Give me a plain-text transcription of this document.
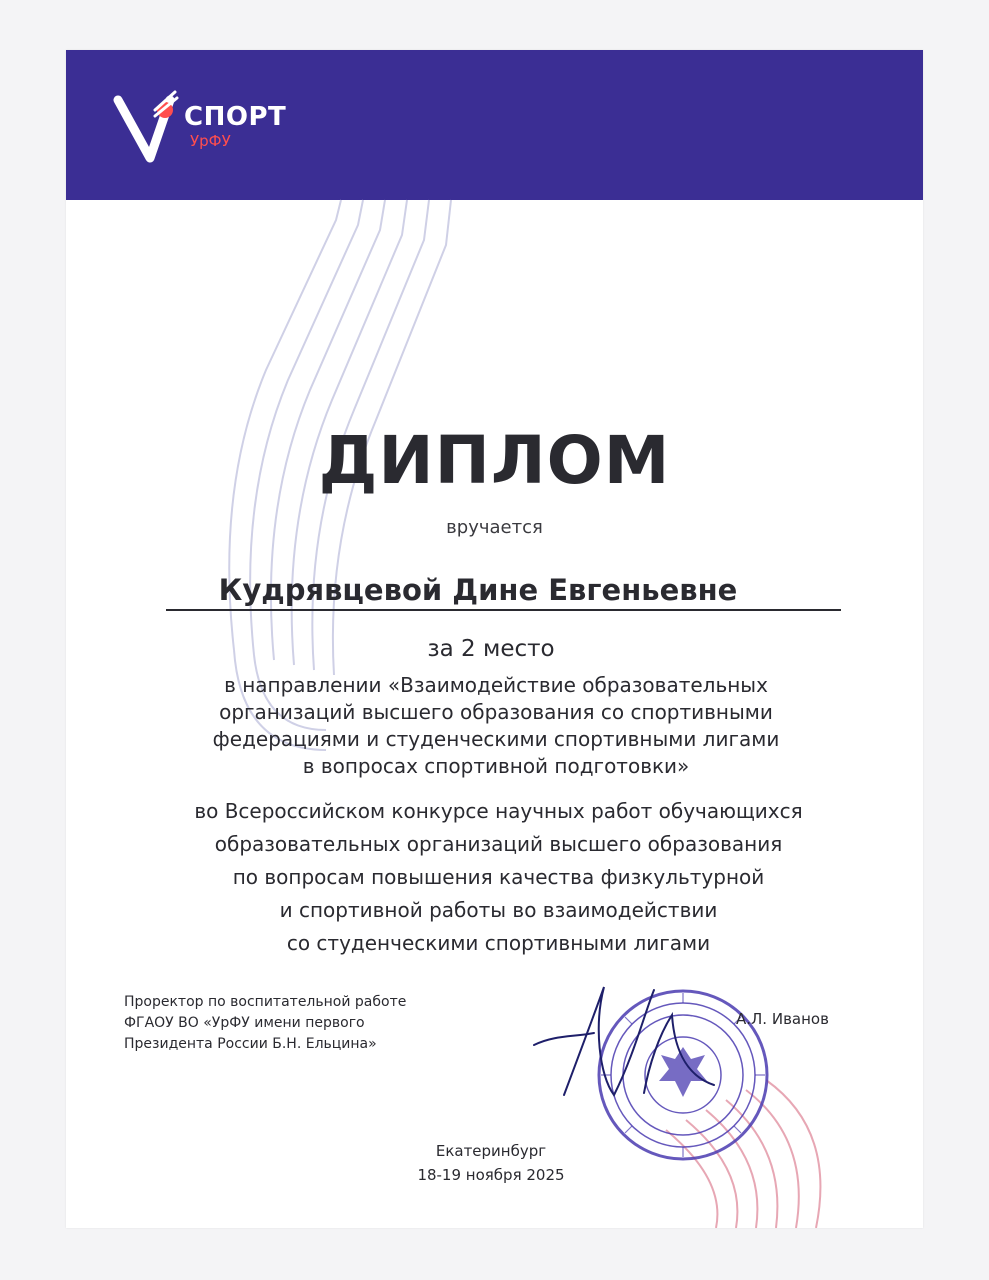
СПОРТ
УрФУ
ДИПЛОМ
вручается
Кудрявцевой Дине Евгеньевне
за 2 место
в направлении «Взаимодействие образовательных
организаций высшего образования со спортивными
федерациями и студенческими спортивными лигами
в вопросах спортивной подготовки»
во Всероссийском конкурсе научных работ обучающихся
образовательных организаций высшего образования
по вопросам повышения качества физкультурной
и спортивной работы во взаимодействии
со студенческими спортивными лигами
Проректор по воспитательной работе
ФГАОУ ВО «УрФУ имени первого
Президента России Б.Н. Ельцина»
А.Л. Иванов
Екатеринбург
18-19 ноября 2025
